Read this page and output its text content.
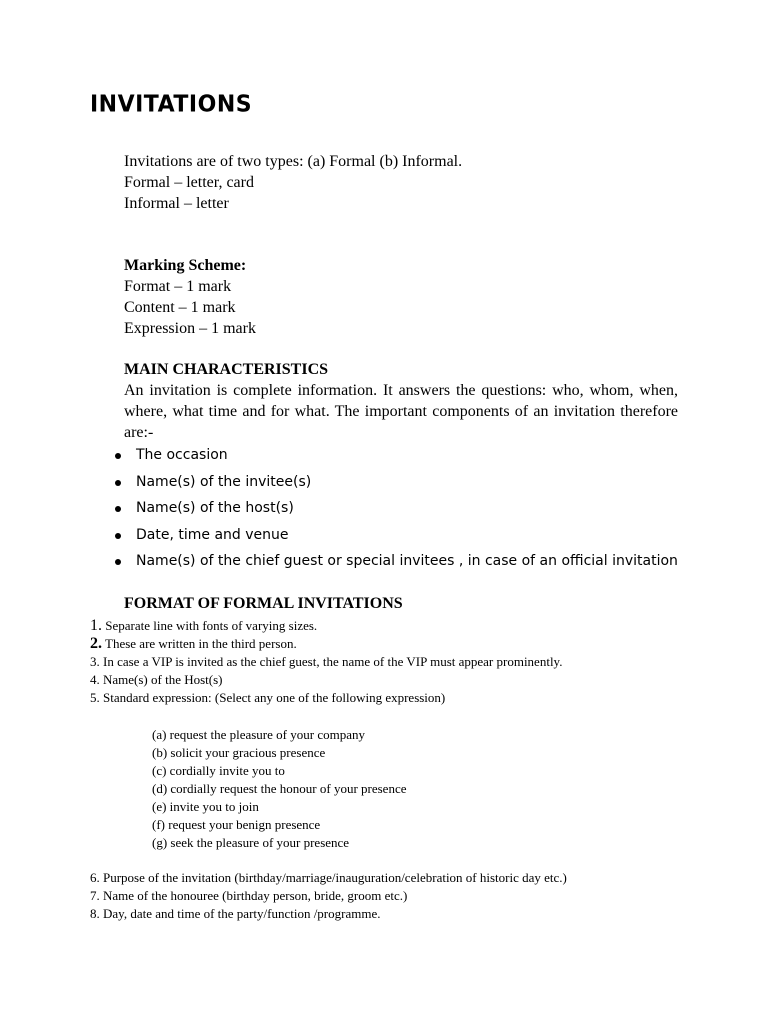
INVITATIONS
Invitations are of two types: (a) Formal (b) Informal.
Formal – letter, card
Informal – letter
Marking Scheme:
Format – 1 mark
Content – 1 mark
Expression – 1 mark
MAIN CHARACTERISTICS
An invitation is complete information. It answers the questions: who, whom, when, where, what time and for what. The important components of an invitation therefore are:-
The occasion
Name(s) of the invitee(s)
Name(s) of the host(s)
Date, time and venue
Name(s) of the chief guest or special invitees , in case of an official invitation
FORMAT OF FORMAL INVITATIONS
1. Separate line with fonts of varying sizes.
2. These are written in the third person.
3. In case a VIP is invited as the chief guest, the name of the VIP must appear prominently.
4. Name(s) of the Host(s)
5. Standard expression: (Select any one of the following expression)
(a) request the pleasure of your company
(b) solicit your gracious presence
(c) cordially invite you to
(d) cordially request the honour of your presence
(e) invite you to join
(f) request your benign presence
(g) seek the pleasure of your presence
6. Purpose of the invitation (birthday/marriage/inauguration/celebration of historic day etc.)
7. Name of the honouree (birthday person, bride, groom etc.)
8. Day, date and time of the party/function /programme.
